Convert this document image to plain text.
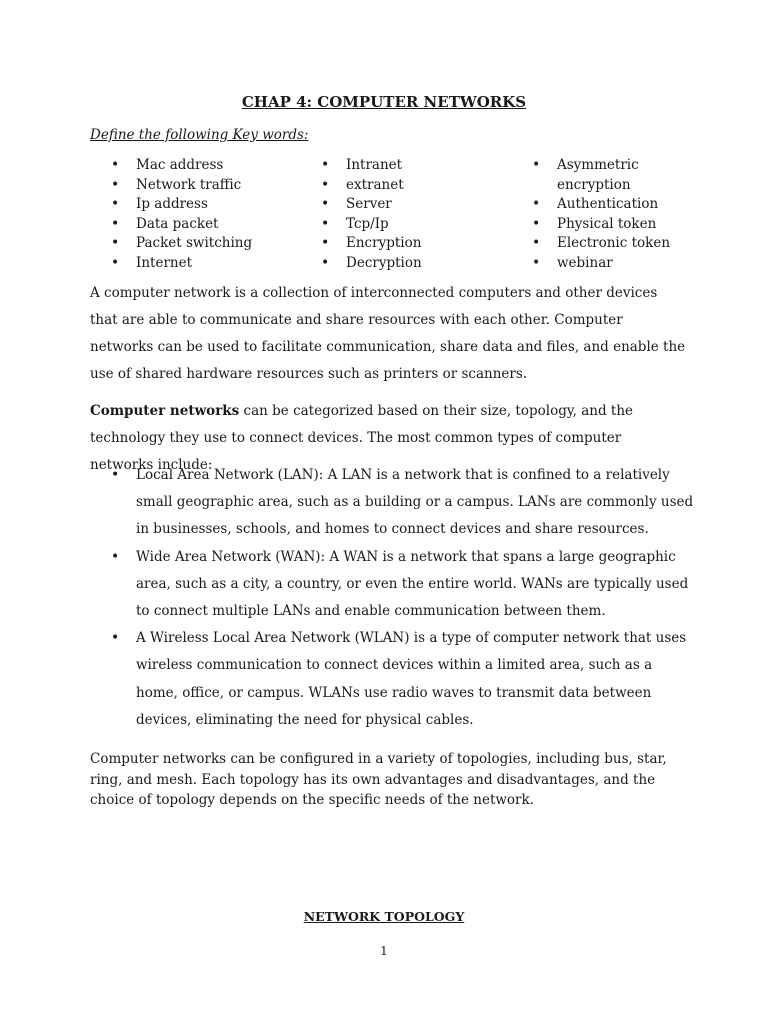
CHAP 4: COMPUTER NETWORKS
Define the following Key words:
• Mac address
• Network traffic
• Ip address
• Data packet
• Packet switching
• Internet
• Intranet
• extranet
• Server
• Tcp/Ip
• Encryption
• Decryption
• Asymmetric encryption
• Authentication
• Physical token
• Electronic token
• webinar

A computer network is a collection of interconnected computers and other devices that are able to communicate and share resources with each other. Computer networks can be used to facilitate communication, share data and files, and enable the use of shared hardware resources such as printers or scanners.

Computer networks can be categorized based on their size, topology, and the technology they use to connect devices. The most common types of computer networks include:

• Local Area Network (LAN): A LAN is a network that is confined to a relatively small geographic area, such as a building or a campus. LANs are commonly used in businesses, schools, and homes to connect devices and share resources.
• Wide Area Network (WAN): A WAN is a network that spans a large geographic area, such as a city, a country, or even the entire world. WANs are typically used to connect multiple LANs and enable communication between them.
• A Wireless Local Area Network (WLAN) is a type of computer network that uses wireless communication to connect devices within a limited area, such as a home, office, or campus. WLANs use radio waves to transmit data between devices, eliminating the need for physical cables.

Computer networks can be configured in a variety of topologies, including bus, star, ring, and mesh. Each topology has its own advantages and disadvantages, and the choice of topology depends on the specific needs of the network.

NETWORK TOPOLOGY
1
